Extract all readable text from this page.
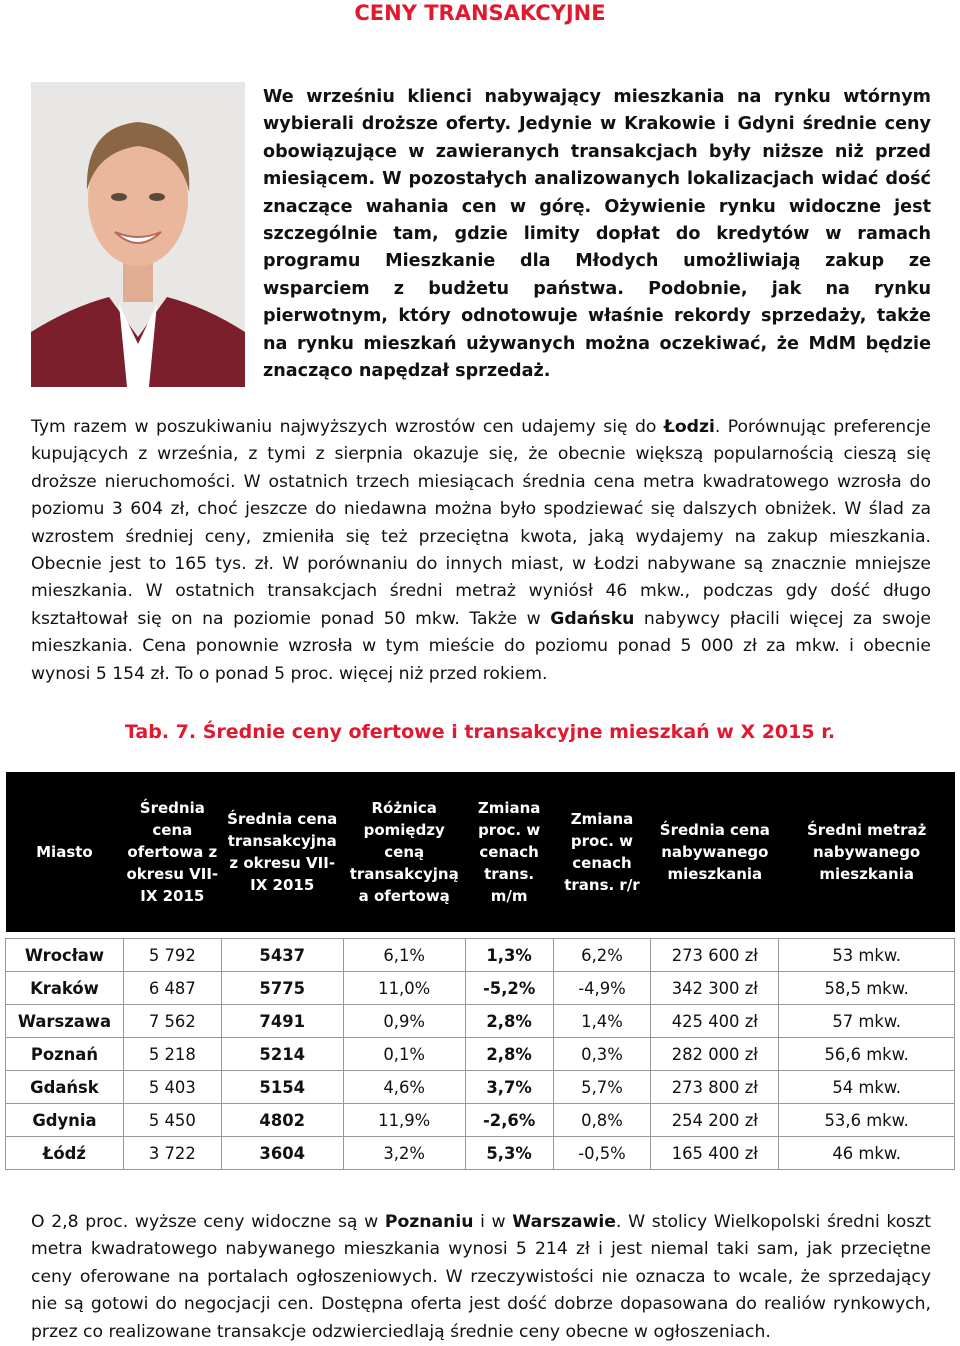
CENY TRANSAKCYJNE
We wrześniu klienci nabywający mieszkania na rynku wtórnym wybierali droższe oferty. Jedynie w Krakowie i Gdyni średnie ceny obowiązujące w zawieranych transakcjach były niższe niż przed miesiącem. W pozostałych analizowanych lokalizacjach widać dość znaczące wahania cen w górę. Ożywienie rynku widoczne jest szczególnie tam, gdzie limity dopłat do kredytów w ramach programu Mieszkanie dla Młodych umożliwiają zakup ze wsparciem z budżetu państwa. Podobnie, jak na rynku pierwotnym, który odnotowuje właśnie rekordy sprzedaży, także na rynku mieszkań używanych można oczekiwać, że MdM będzie znacząco napędzał sprzedaż.
Tym razem w poszukiwaniu najwyższych wzrostów cen udajemy się do Łodzi. Porównując preferencje kupujących z września, z tymi z sierpnia okazuje się, że obecnie większą popularnością cieszą się droższe nieruchomości. W ostatnich trzech miesiącach średnia cena metra kwadratowego wzrosła do poziomu 3 604 zł, choć jeszcze do niedawna można było spodziewać się dalszych obniżek. W ślad za wzrostem średniej ceny, zmieniła się też przeciętna kwota, jaką wydajemy na zakup mieszkania. Obecnie jest to 165 tys. zł. W porównaniu do innych miast, w Łodzi nabywane są znacznie mniejsze mieszkania. W ostatnich transakcjach średni metraż wyniósł 46 mkw., podczas gdy dość długo kształtował się on na poziomie ponad 50 mkw. Także w Gdańsku nabywcy płacili więcej za swoje mieszkania. Cena ponownie wzrosła w tym mieście do poziomu ponad 5 000 zł za mkw. i obecnie wynosi 5 154 zł. To o ponad 5 proc. więcej niż przed rokiem.
Tab. 7. Średnie ceny ofertowe i transakcyjne mieszkań w X 2015 r.
Miasto	Średnia cena ofertowa z okresu VII-IX 2015	Średnia cena transakcyjna z okresu VII-IX 2015	Różnica pomiędzy ceną transakcyjną a ofertową	Zmiana proc. w cenach trans. m/m	Zmiana proc. w cenach trans. r/r	Średnia cena nabywanego mieszkania	Średni metraż nabywanego mieszkania

Wrocław	5 792	5437	6,1%	1,3%	6,2%	273 600 zł	53 mkw.
Kraków	6 487	5775	11,0%	-5,2%	-4,9%	342 300 zł	58,5 mkw.
Warszawa	7 562	7491	0,9%	2,8%	1,4%	425 400 zł	57 mkw.
Poznań	5 218	5214	0,1%	2,8%	0,3%	282 000 zł	56,6 mkw.
Gdańsk	5 403	5154	4,6%	3,7%	5,7%	273 800 zł	54 mkw.
Gdynia	5 450	4802	11,9%	-2,6%	0,8%	254 200 zł	53,6 mkw.
Łódź	3 722	3604	3,2%	5,3%	-0,5%	165 400 zł	46 mkw.
O 2,8 proc. wyższe ceny widoczne są w Poznaniu i w Warszawie. W stolicy Wielkopolski średni koszt metra kwadratowego nabywanego mieszkania wynosi 5 214 zł i jest niemal taki sam, jak przeciętne ceny oferowane na portalach ogłoszeniowych. W rzeczywistości nie oznacza to wcale, że sprzedający nie są gotowi do negocjacji cen. Dostępna oferta jest dość dobrze dopasowana do realiów rynkowych, przez co realizowane transakcje odzwierciedlają średnie ceny obecne w ogłoszeniach.
